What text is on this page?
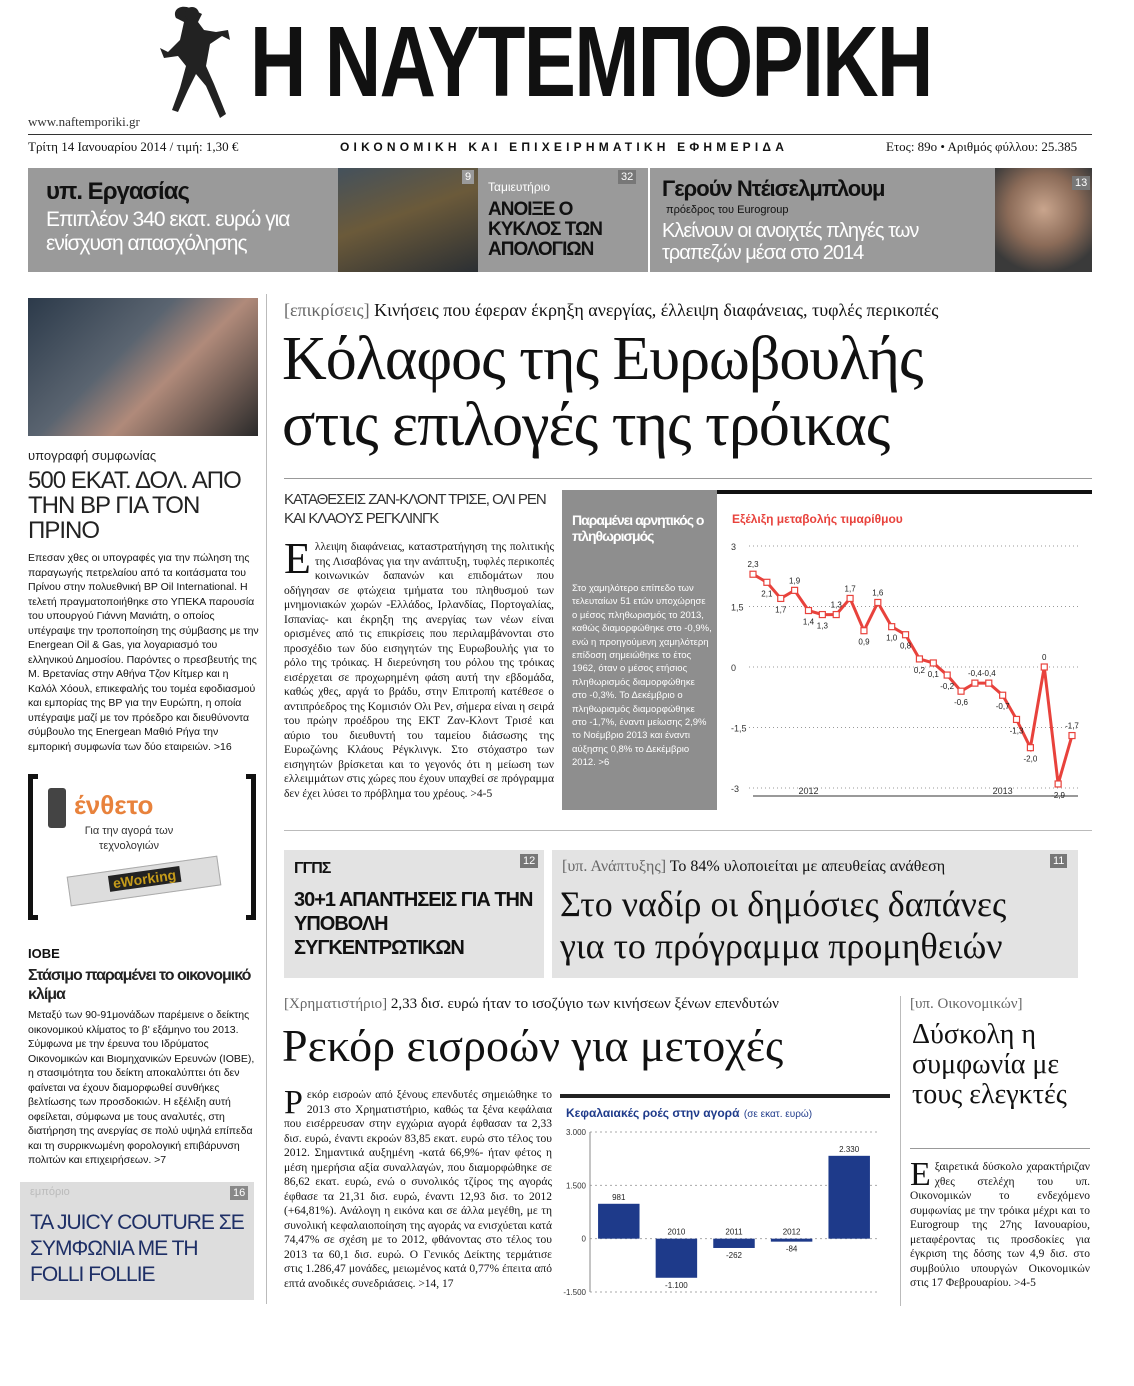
Η ΝΑΥΤΕΜΠΟΡΙΚΗ
www.naftemporiki.gr
Τρίτη 14 Ιανουαρίου 2014 / τιμή: 1,30 €	ΟΙΚΟΝΟΜΙΚΗ ΚΑΙ ΕΠΙΧΕΙΡΗΜΑΤΙΚΗ ΕΦΗΜΕΡΙΔΑ	Ετος: 89ο • Αριθμός φύλλου: 25.385
υπ. Εργασίας
Επιπλέον 340 εκατ. ευρώ για ενίσχυση απασχόλησης
9
Ταμιευτήριο
ΑΝΟΙΞΕ Ο ΚΥΚΛΟΣ ΤΩΝ ΑΠΟΛΟΓΙΩΝ
32 Γερούν Ντέισελμπλουμ
πρόεδρος του Eurogroup
Κλείνουν οι ανοιχτές πληγές των τραπεζών μέσα στο 2014
13
υπογραφή συμφωνίας
500 ΕΚΑΤ. ΔΟΛ. ΑΠΟ ΤΗΝ BP ΓΙΑ ΤΟΝ ΠΡΙΝΟ
Επεσαν χθες οι υπογραφές για την πώληση της παραγωγής πετρελαίου από τα κοιτάσματα του Πρίνου στην πολυεθνική BP Oil International. Η τελετή πραγματοποιήθηκε στο ΥΠΕΚΑ παρουσία του υπουργού Γιάννη Μανιάτη, ο οποίος υπέγραψε την τροποποίηση της σύμβασης με την Energean Oil & Gas, για λογαριασμό του ελληνικού Δημοσίου. Παρόντες ο πρεσβευτής της Μ. Βρετανίας στην Αθήνα Τζον Κίτμερ και η Καλόλ Χόουλ, επικεφαλής του τομέα εφοδιασμού και εμπορίας της BP για την Ευρώπη, η οποία υπέγραψε μαζί με τον πρόεδρο και διευθύνοντα σύμβουλο της Energean Μαθιό Ρήγα την εμπορική συμφωνία των δύο εταιρειών. >16
ένθετο
Για την αγορά των τεχνολογιών
eWorking
ΙΟΒΕ
Στάσιμο παραμένει το οικονομικό κλίμα
Μεταξύ των 90-91μονάδων παρέμεινε ο δείκτης οικονομικού κλίματος το β' εξάμηνο του 2013. Σύμφωνα με την έρευνα του Ιδρύματος Οικονομικών και Βιομηχανικών Ερευνών (ΙΟΒΕ), η στασιμότητα του δείκτη αποκαλύπτει ότι δεν φαίνεται να έχουν διαμορφωθεί συνθήκες βελτίωσης των προσδοκιών. Η εξέλιξη αυτή οφείλεται, σύμφωνα με τους αναλυτές, στη διατήρηση της ανεργίας σε πολύ υψηλά επίπεδα και τη συρρικνωμένη φορολογική επιβάρυνση πολιτών και επιχειρήσεων. >7
εμπόριο	16
ΤΑ JUICY COUTURE ΣΕ ΣΥΜΦΩΝΙΑ ΜΕ ΤΗ FOLLI FOLLIE
[επικρίσεις] Κινήσεις που έφεραν έκρηξη ανεργίας, έλλειψη διαφάνειας, τυφλές περικοπές
Κόλαφος της Ευρωβουλής
στις επιλογές της τρόικας
ΚΑΤΑΘΕΣΕΙΣ ΖΑΝ-ΚΛΟΝΤ ΤΡΙΣΕ, ΟΛΙ ΡΕΝ ΚΑΙ ΚΛΑΟΥΣ ΡΕΓΚΛΙΝΓΚ
Ελλειψη διαφάνειας, καταστρατήγηση της πολιτικής της Λισαβόνας για την ανάπτυξη, τυφλές περικοπές κοινωνικών δαπανών και επιδομάτων που οδήγησαν σε φτώχεια τμήματα του πληθυσμού των μνημονιακών χωρών -Ελλάδος, Ιρλανδίας, Πορτογαλίας, Ισπανίας- και έκρηξη της ανεργίας των νέων είναι ορισμένες από τις επικρίσεις που περιλαμβάνονται στο προσχέδιο των δύο εισηγητών της Ευρωβουλής για το ρόλο της τρόικας. Η διερεύνηση του ρόλου της τρόικας εισέρχεται σε προχωρημένη φάση αυτή την εβδομάδα, καθώς χθες, αργά το βράδυ, στην Επιτροπή κατέθεσε ο αντιπρόεδρος της Κομισιόν Ολι Ρεν, σήμερα είναι η σειρά του πρώην προέδρου της ΕΚΤ Ζαν-Κλοντ Τρισέ και αύριο του διευθυντή του ταμείου διάσωσης της Ευρωζώνης Κλάους Ρέγκλινγκ. Στο στόχαστρο των εισηγητών βρίσκεται και το γεγονός ότι η μείωση των ελλειμμάτων στις χώρες που έχουν υπαχθεί σε πρόγραμμα δεν έχει λύσει το πρόβλημα του χρέους. >4-5
Παραμένει αρνητικός ο πληθωρισμός
Στο χαμηλότερο επίπεδο των τελευταίων 51 ετών υποχώρησε ο μέσος πληθωρισμός το 2013, καθώς διαμορφώθηκε στο -0,9%, ενώ η προηγούμενη χαμηλότερη επίδοση σημειώθηκε το έτος 1962, όταν ο μέσος ετήσιος πληθωρισμός διαμορφώθηκε στο -0,3%. Το Δεκέμβριο ο πληθωρισμός διαμορφώθηκε στο -1,7%, έναντι μείωσης 2,9% το Νοέμβριο 2013 και έναντι αύξησης 0,8% το Δεκέμβριο 2012. >6
Εξέλιξη μεταβολής τιμαρίθμου
3
1,5
0
-1,5
-3	2012	2013
2,3
2,1
1,7
1,9
1,4 1,3
1,3
1,7
0,9
1,6
1,0
0,8
0,2 0,1
-0,2
-0,6
-0,4 -0,4
-0,7
-1,3
-2,0
0
-2,9
-1,7
ΓΓΠΣ	12
30+1 ΑΠΑΝΤΗΣΕΙΣ ΓΙΑ ΤΗΝ ΥΠΟΒΟΛΗ ΣΥΓΚΕΝΤΡΩΤΙΚΩΝ
[υπ. Ανάπτυξης] Το 84% υλοποιείται με απευθείας ανάθεση	11
Στο ναδίρ οι δημόσιες δαπάνες
για το πρόγραμμα προμηθειών
[Χρηματιστήριο] 2,33 δισ. ευρώ ήταν το ισοζύγιο των κινήσεων ξένων επενδυτών
Ρεκόρ εισροών για μετοχές
Ρεκόρ εισροών από ξένους επενδυτές σημειώθηκε το 2013 στο Χρηματιστήριο, καθώς τα ξένα κεφάλαια που εισέρρευσαν στην εγχώρια αγορά έφθασαν τα 2,33 δισ. ευρώ, έναντι εκροών 83,85 εκατ. ευρώ στο τέλος του 2012. Σημαντικά αυξημένη -κατά 66,9%- ήταν φέτος η μέση ημερήσια αξία συναλλαγών, που διαμορφώθηκε σε 86,62 εκατ. ευρώ, ενώ ο συνολικός τζίρος της αγοράς έφθασε τα 21,31 δισ. ευρώ, έναντι 12,93 δισ. το 2012 (+64,81%). Ανάλογη η εικόνα και σε άλλα μεγέθη, με τη συνολική κεφαλαιοποίηση της αγοράς να ενισχύεται κατά 74,47% σε σχέση με το 2012, φθάνοντας στο τέλος του 2013 τα 60,1 δισ. ευρώ. Ο Γενικός Δείκτης τερμάτισε στις 1.286,47 μονάδες, μειωμένος κατά 0,77% έπειτα από επτά ανοδικές συνεδριάσεις. >14, 17
Κεφαλαιακές ροές στην αγορά (σε εκατ. ευρώ)
3.000
1.500
0
-1.500
981
2009
-1.100
2010
-262
2011
-84
2012
2.330
2013
[υπ. Οικονομικών]
Δύσκολη η συμφωνία με τους ελεγκτές
Εξαιρετικά δύσκολο χαρακτήριζαν χθες στελέχη του υπ. Οικονομικών το ενδεχόμενο συμφωνίας με την τρόικα μέχρι και το Eurogroup της 27ης Ιανουαρίου, μεταφέροντας τις προσδοκίες για έγκριση της δόσης των 4,9 δισ. στο συμβούλιο υπουργών Οικονομικών στις 17 Φεβρουαρίου. >4-5
